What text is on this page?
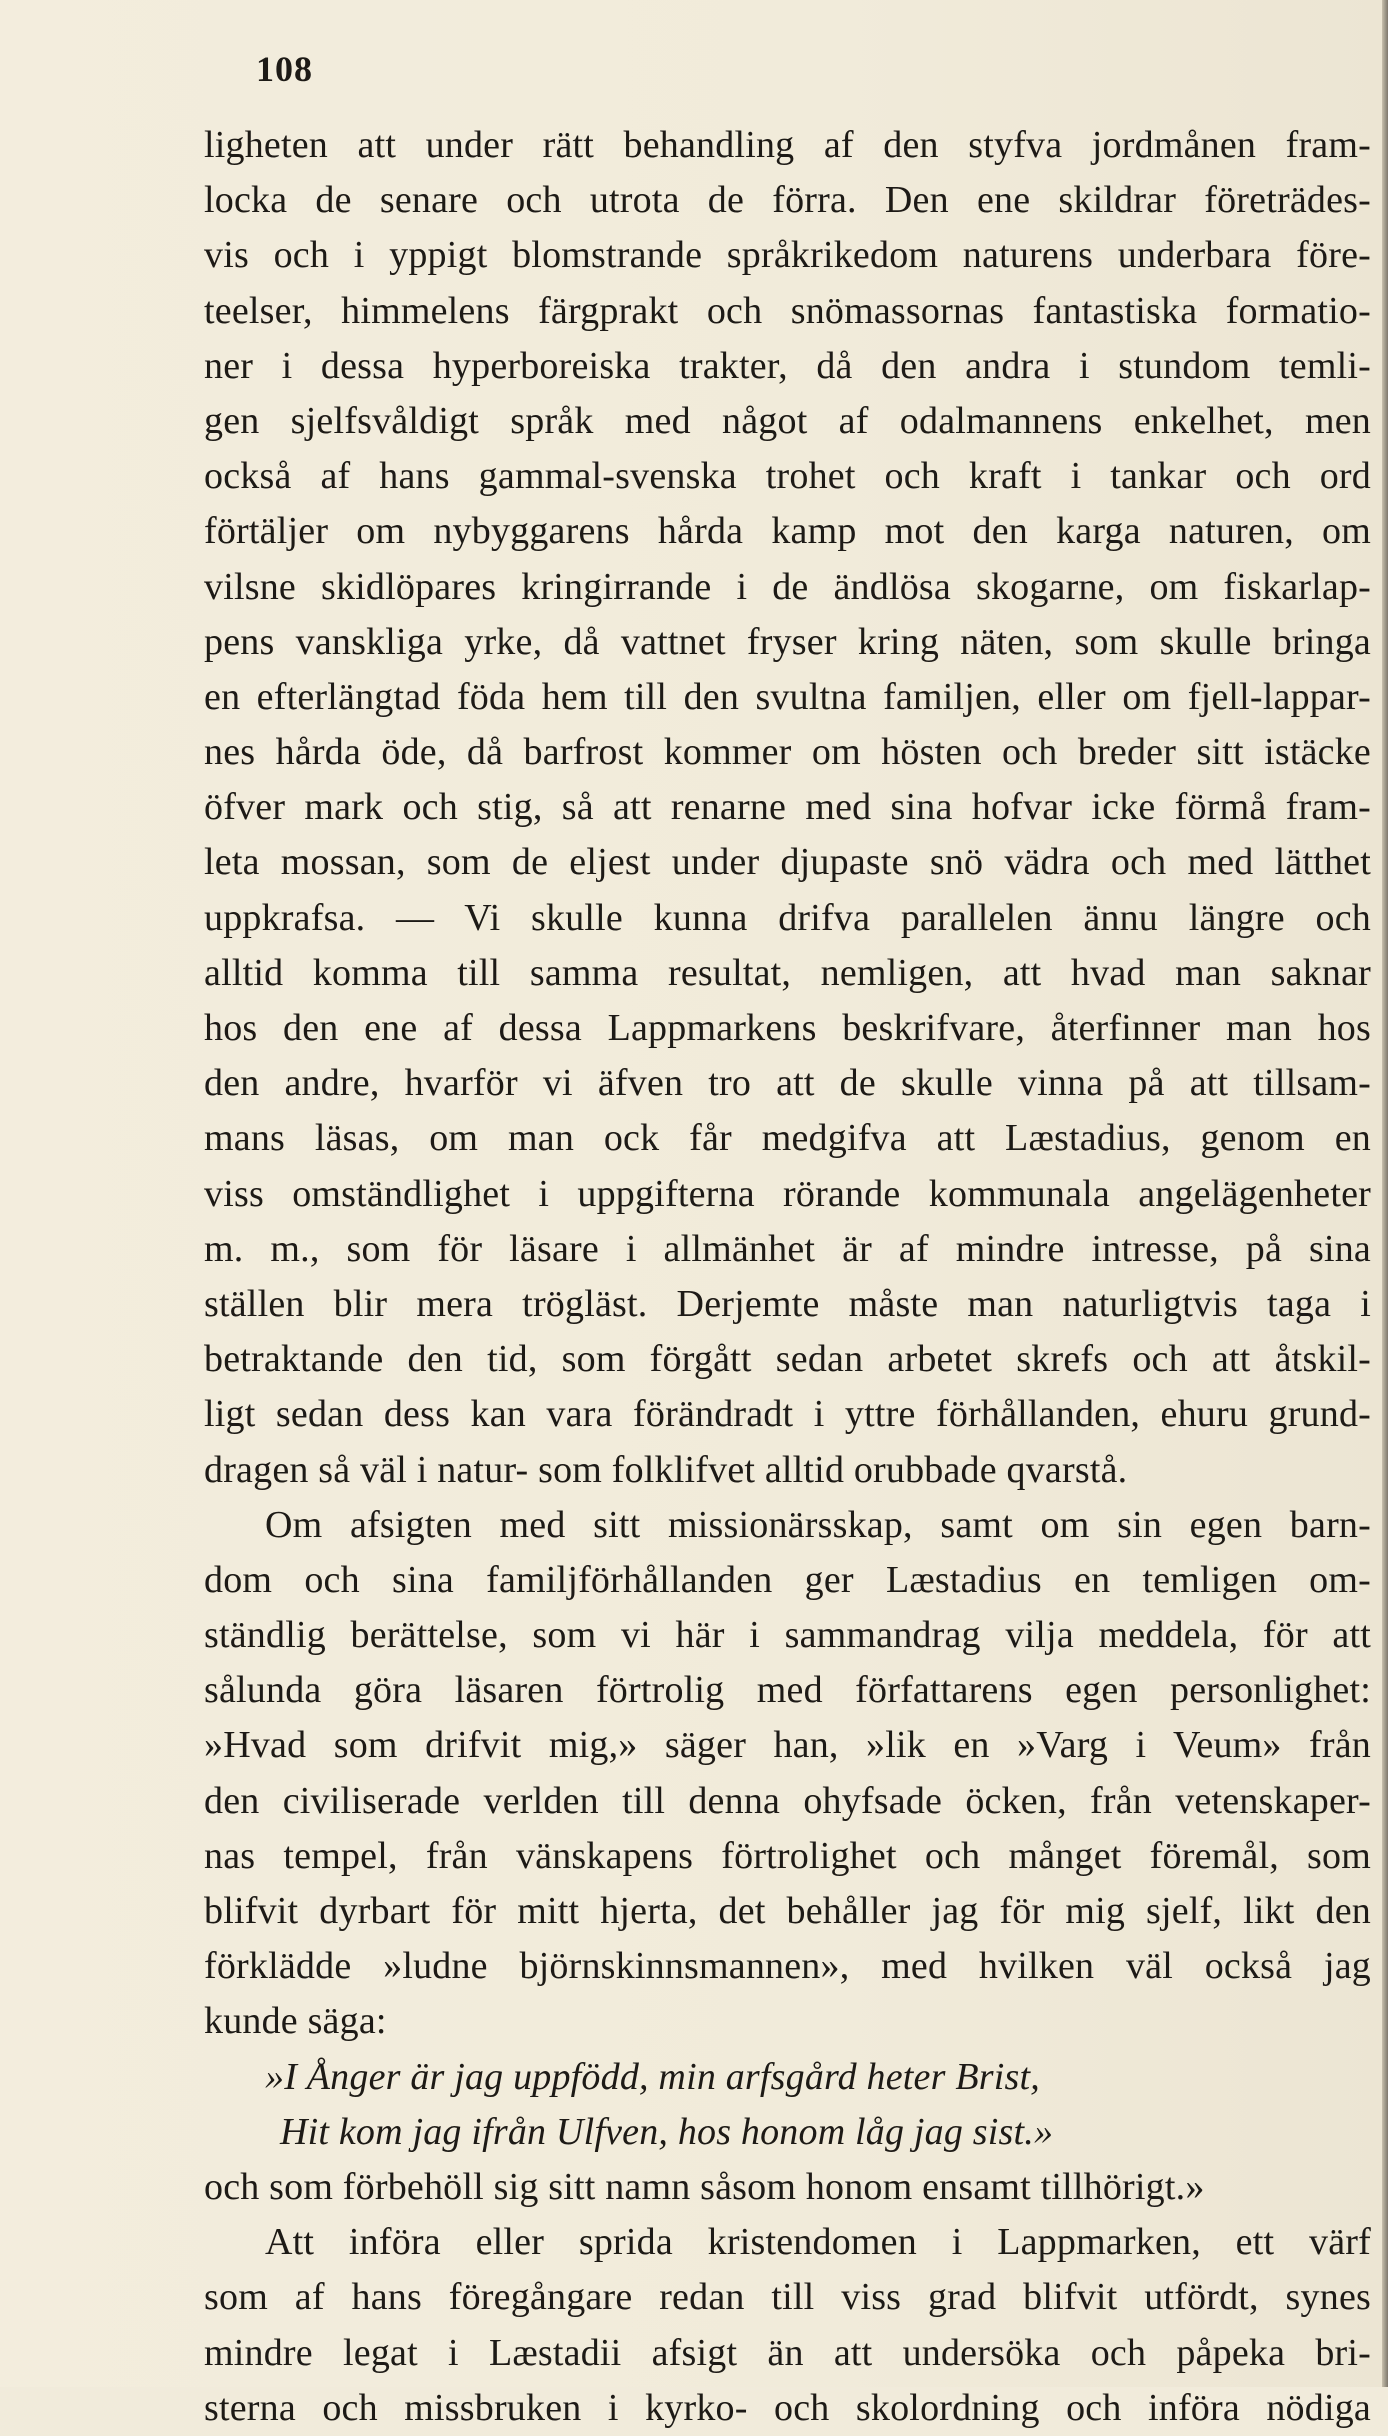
108
ligheten att under rätt behandling af den styfva jordmånen fram-
locka de senare och utrota de förra. Den ene skildrar företrädes-
vis och i yppigt blomstrande språkrikedom naturens underbara före-
teelser, himmelens färgprakt och snömassornas fantastiska formatio-
ner i dessa hyperboreiska trakter, då den andra i stundom temli-
gen sjelfsvåldigt språk med något af odalmannens enkelhet, men
också af hans gammal-svenska trohet och kraft i tankar och ord
förtäljer om nybyggarens hårda kamp mot den karga naturen, om
vilsne skidlöpares kringirrande i de ändlösa skogarne, om fiskarlap-
pens vanskliga yrke, då vattnet fryser kring näten, som skulle bringa
en efterlängtad föda hem till den svultna familjen, eller om fjell-lappar-
nes hårda öde, då barfrost kommer om hösten och breder sitt istäcke
öfver mark och stig, så att renarne med sina hofvar icke förmå fram-
leta mossan, som de eljest under djupaste snö vädra och med lätthet
uppkrafsa. — Vi skulle kunna drifva parallelen ännu längre och
alltid komma till samma resultat, nemligen, att hvad man saknar
hos den ene af dessa Lappmarkens beskrifvare, återfinner man hos
den andre, hvarför vi äfven tro att de skulle vinna på att tillsam-
mans läsas, om man ock får medgifva att Læstadius, genom en
viss omständlighet i uppgifterna rörande kommunala angelägenheter
m. m., som för läsare i allmänhet är af mindre intresse, på sina
ställen blir mera trögläst. Derjemte måste man naturligtvis taga i
betraktande den tid, som förgått sedan arbetet skrefs och att åtskil-
ligt sedan dess kan vara förändradt i yttre förhållanden, ehuru grund-
dragen så väl i natur- som folklifvet alltid orubbade qvarstå.
Om afsigten med sitt missionärsskap, samt om sin egen barn-
dom och sina familjförhållanden ger Læstadius en temligen om-
ständlig berättelse, som vi här i sammandrag vilja meddela, för att
sålunda göra läsaren förtrolig med författarens egen personlighet:
»Hvad som drifvit mig,» säger han, »lik en »Varg i Veum» från
den civiliserade verlden till denna ohyfsade öcken, från vetenskaper-
nas tempel, från vänskapens förtrolighet och månget föremål, som
blifvit dyrbart för mitt hjerta, det behåller jag för mig sjelf, likt den
förklädde »ludne björnskinnsmannen», med hvilken väl också jag
kunde säga:
»I Ånger är jag uppfödd, min arfsgård heter Brist,
Hit kom jag ifrån Ulfven, hos honom låg jag sist.»
och som förbehöll sig sitt namn såsom honom ensamt tillhörigt.»
Att införa eller sprida kristendomen i Lappmarken, ett värf
som af hans föregångare redan till viss grad blifvit utfördt, synes
mindre legat i Læstadii afsigt än att undersöka och påpeka bri-
sterna och missbruken i kyrko- och skolordning och införa nödiga
